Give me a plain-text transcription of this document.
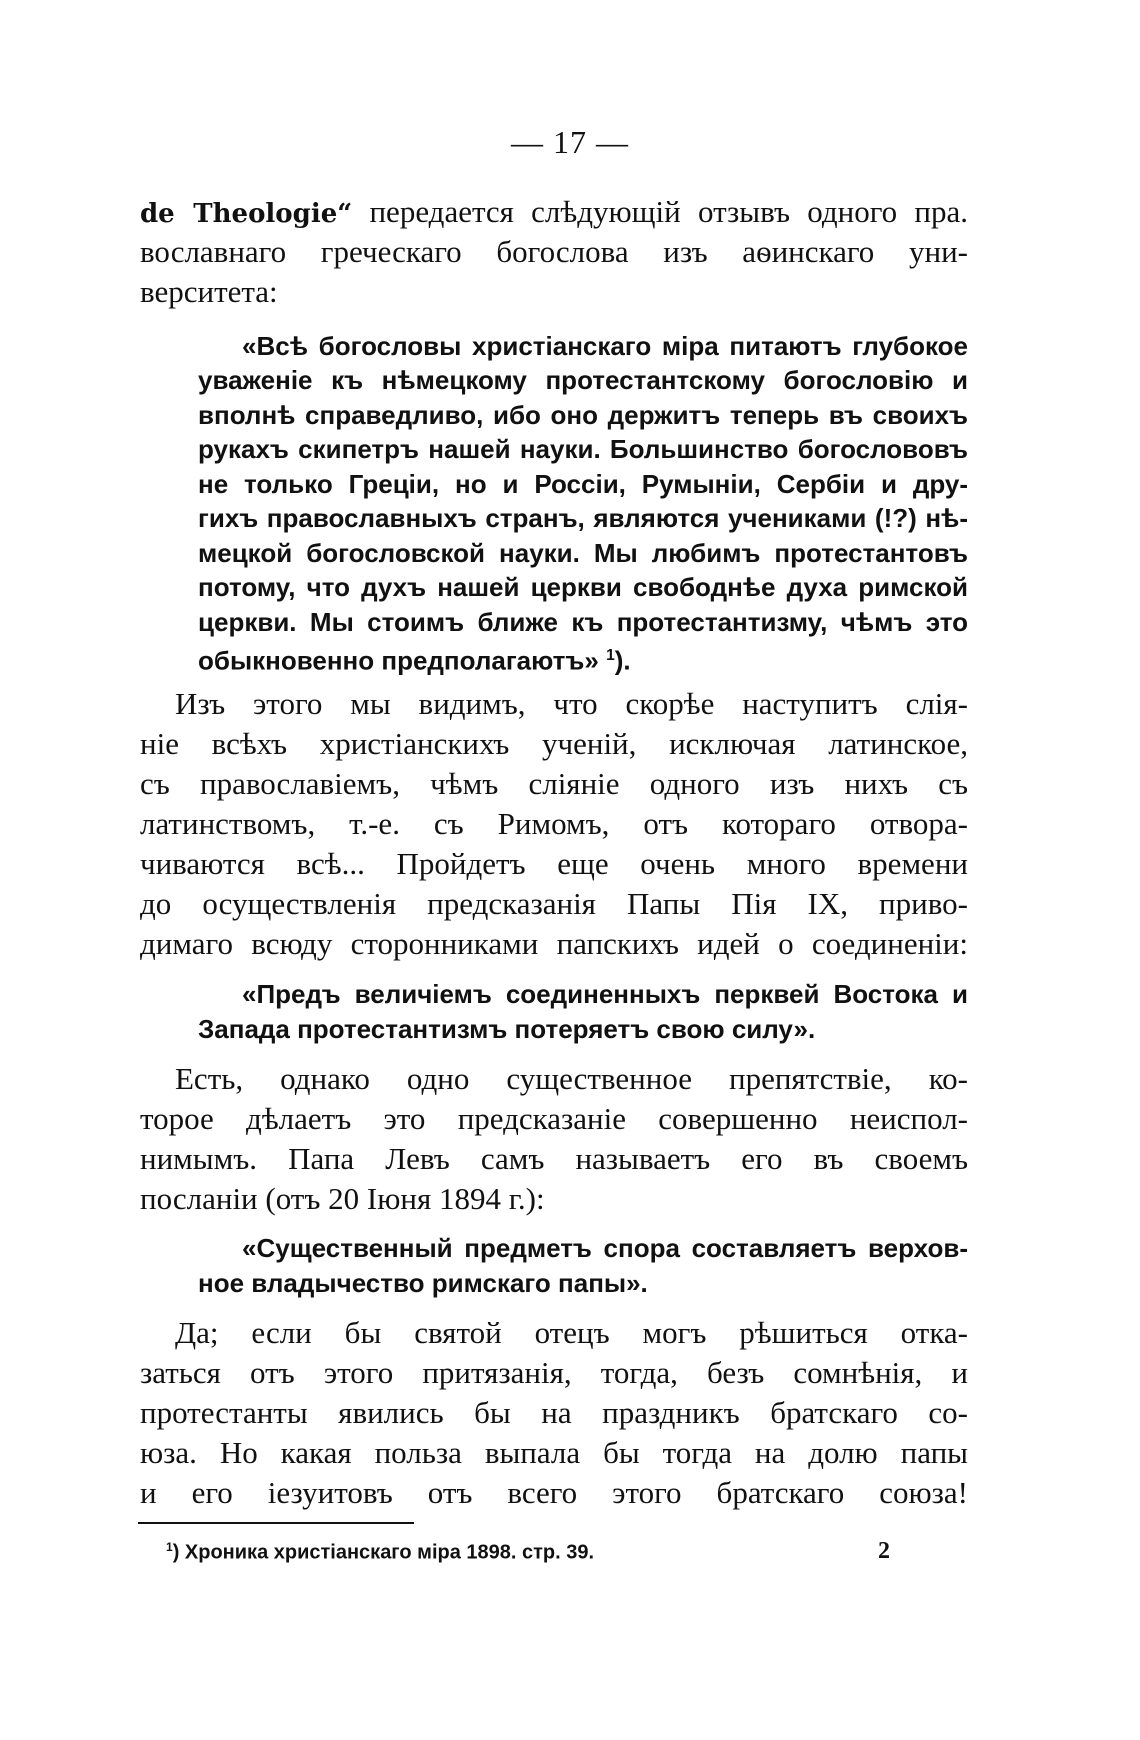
— 17 —
de Theologie“ передается слѣдующій отзывъ одного пра.
вославнаго греческаго богослова изъ аѳинскаго уни-
верситета:
«Всѣ богословы христіанскаго міра питаютъ глубокое
уваженіе къ нѣмецкому протестантскому богословію и
вполнѣ справедливо, ибо оно держитъ теперь въ своихъ
рукахъ скипетръ нашей науки. Большинство богослововъ
не только Греціи, но и Россіи, Румыніи, Сербіи и дру-
гихъ православныхъ странъ, являются учениками (!?) нѣ-
мецкой богословской науки. Мы любимъ протестантовъ
потому, что духъ нашей церкви свободнѣе духа римской
церкви. Мы стоимъ ближе къ протестантизму, чѣмъ это
обыкновенно предполагаютъ» $^1$).
Изъ этого мы видимъ, что скорѣе наступитъ слія-
ніе всѣхъ христіанскихъ ученій, исключая латинское,
съ православіемъ, чѣмъ сліяніе одного изъ нихъ съ
латинствомъ, т.-е. съ Римомъ, отъ котораго отвора-
чиваются всѣ... Пройдетъ еще очень много времени
до осуществленія предсказанія Папы Пія IX, приво-
димаго всюду сторонниками папскихъ идей о соединеніи:
«Предъ величіемъ соединенныхъ перквей Востока и
Запада протестантизмъ потеряетъ свою силу».
Есть, однако одно существенное препятствіе, ко-
торое дѣлаетъ это предсказаніе совершенно неиспол-
нимымъ. Папа Левъ самъ называетъ его въ своемъ
посланіи (отъ 20 Іюня 1894 г.):
«Существенный предметъ спора составляетъ верхов-
ное владычество римскаго папы».
Да; если бы святой отецъ могъ рѣшиться отка-
заться отъ этого притязанія, тогда, безъ сомнѣнія, и
протестанты явились бы на праздникъ братскаго со-
юза. Но какая польза выпала бы тогда на долю папы
и его іезуитовъ отъ всего этого братскаго союза!
$^1$) Хроника христіанскаго міра 1898. стр. 39.	2
